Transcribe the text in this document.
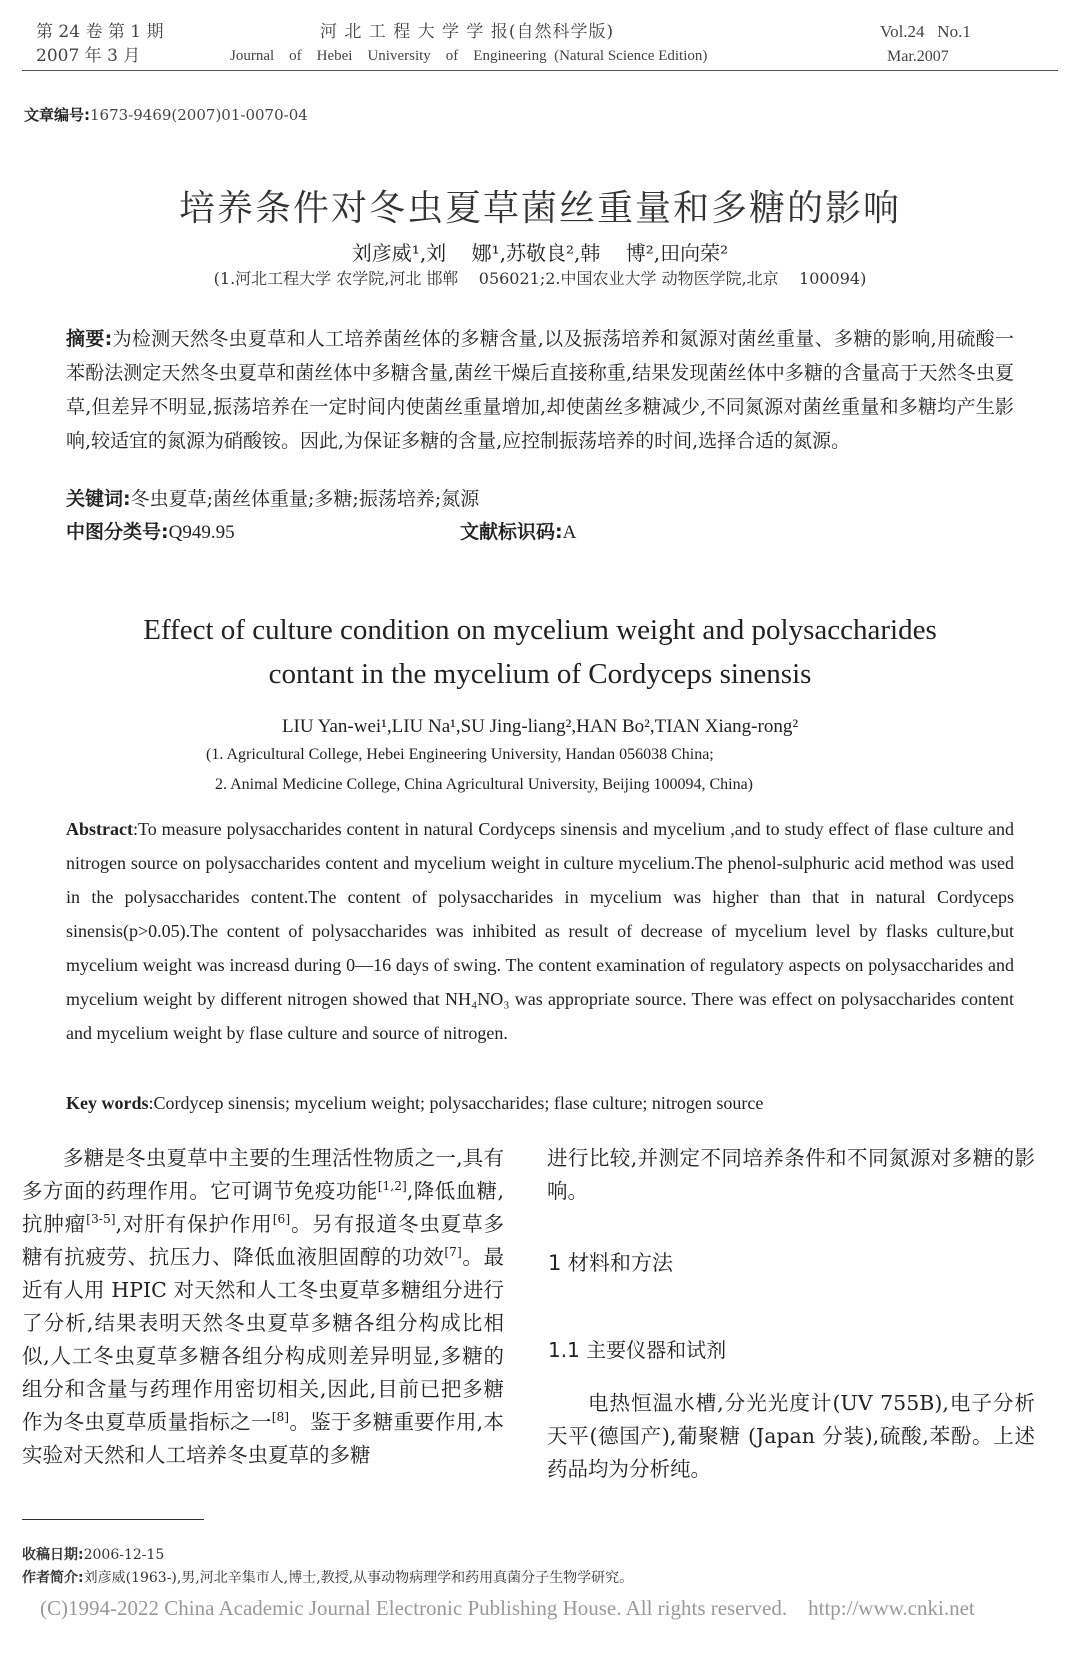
第 24 卷 第 1 期
2007 年 3 月
河 北 工 程 大 学 学 报(自然科学版)
Journal    of    Hebei    University    of    Engineering  (Natural Science Edition)
Vol.24   No.1
Mar.2007
文章编号:1673-9469(2007)01-0070-04
培养条件对冬虫夏草菌丝重量和多糖的影响
刘彦威¹,刘    娜¹,苏敬良²,韩    博²,田向荣²
(1.河北工程大学 农学院,河北 邯郸    056021;2.中国农业大学 动物医学院,北京    100094)
摘要:为检测天然冬虫夏草和人工培养菌丝体的多糖含量,以及振荡培养和氮源对菌丝重量、多糖的影响,用硫酸一苯酚法测定天然冬虫夏草和菌丝体中多糖含量,菌丝干燥后直接称重,结果发现菌丝体中多糖的含量高于天然冬虫夏草,但差异不明显,振荡培养在一定时间内使菌丝重量增加,却使菌丝多糖减少,不同氮源对菌丝重量和多糖均产生影响,较适宜的氮源为硝酸铵。因此,为保证多糖的含量,应控制振荡培养的时间,选择合适的氮源。
关键词:冬虫夏草;菌丝体重量;多糖;振荡培养;氮源
中图分类号:Q949.95	文献标识码:A
Effect of culture condition on mycelium weight and polysaccharides
contant in the mycelium of Cordyceps sinensis
LIU Yan-wei¹,LIU Na¹,SU Jing-liang²,HAN Bo²,TIAN Xiang-rong²
(1. Agricultural College, Hebei Engineering University, Handan 056038 China;
2. Animal Medicine College, China Agricultural University, Beijing 100094, China)
Abstract:To measure polysaccharides content in natural Cordyceps sinensis and mycelium ,and to study effect of flase culture and nitrogen source on polysaccharides content and mycelium weight in culture mycelium.The phenol-sulphuric acid method was used in the polysaccharides content.The content of polysaccharides in mycelium was higher than that in natural Cordyceps sinensis(p>0.05).The content of polysaccharides was inhibited as result of decrease of mycelium level by flasks culture,but mycelium weight was increasd during 0—16 days of swing. The content examination of regulatory aspects on polysaccharides and mycelium weight by different nitrogen showed that NH₄NO₃ was appropriate source. There was effect on polysaccharides content and mycelium weight by flase culture and source of nitrogen.
Key words:Cordycep sinensis; mycelium weight; polysaccharides; flase culture; nitrogen source
多糖是冬虫夏草中主要的生理活性物质之一,具有多方面的药理作用。它可调节免疫功能[1,2],降低血糖,抗肿瘤[3-5],对肝有保护作用[6]。另有报道冬虫夏草多糖有抗疲劳、抗压力、降低血液胆固醇的功效[7]。最近有人用 HPIC 对天然和人工冬虫夏草多糖组分进行了分析,结果表明天然冬虫夏草多糖各组分构成比相似,人工冬虫夏草多糖各组分构成则差异明显,多糖的组分和含量与药理作用密切相关,因此,目前已把多糖作为冬虫夏草质量指标之一[8]。鉴于多糖重要作用,本实验对天然和人工培养冬虫夏草的多糖
进行比较,并测定不同培养条件和不同氮源对多糖的影响。
1 材料和方法
1.1 主要仪器和试剂
电热恒温水槽,分光光度计(UV 755B),电子分析天平(德国产),葡聚糖 (Japan 分装),硫酸,苯酚。上述药品均为分析纯。
收稿日期:2006-12-15
作者简介:刘彦威(1963-),男,河北辛集市人,博士,教授,从事动物病理学和药用真菌分子生物学研究。
(C)1994-2022 China Academic Journal Electronic Publishing House. All rights reserved.    http://www.cnki.net
